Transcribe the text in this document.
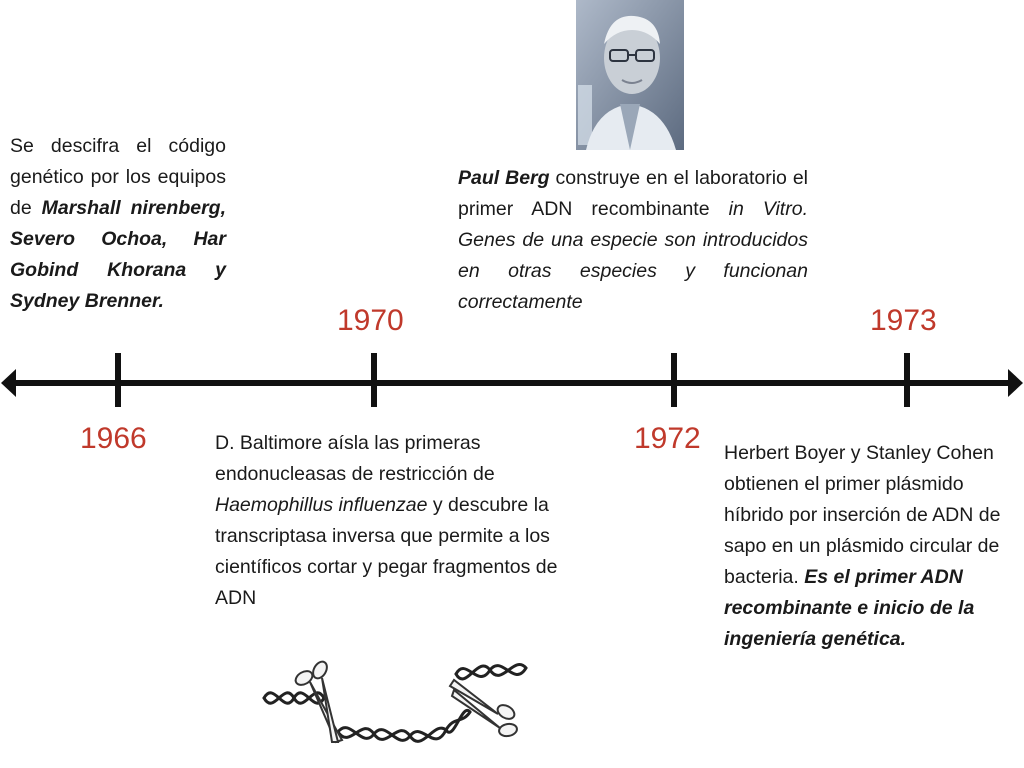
1966
1970
1972
1973
Se descifra el código genético por los equipos de Marshall nirenberg, Severo Ochoa, Har Gobind Khorana y Sydney Brenner.
D. Baltimore aísla las primeras endonucleasas de restricción de Haemophillus influenzae y descubre la transcriptasa inversa que permite a los científicos cortar y pegar fragmentos de ADN
Paul Berg construye en el laboratorio el primer ADN recombinante in Vitro. Genes de una especie son introducidos en otras especies y funcionan correctamente
Herbert Boyer y Stanley Cohen obtienen el primer plásmido híbrido por inserción de ADN de sapo en un plásmido circular de bacteria. Es el primer ADN recombinante e inicio de la ingeniería genética.
